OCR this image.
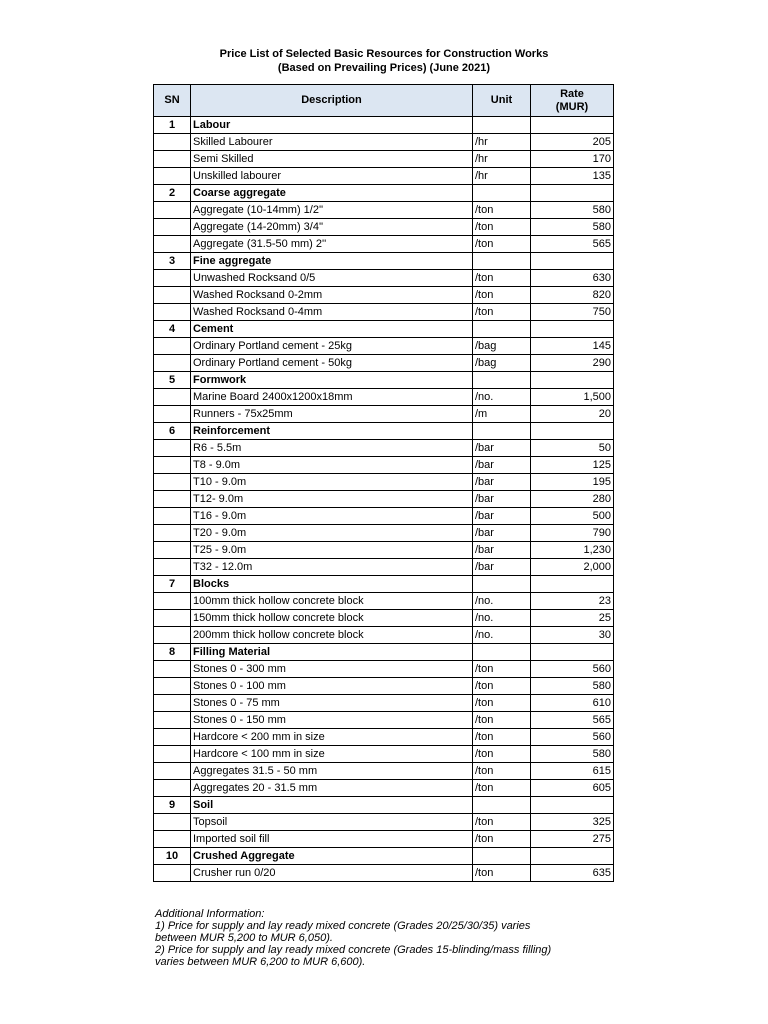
Price List of Selected Basic Resources for Construction Works
(Based on Prevailing Prices) (June 2021)
SN	Description	Unit	Rate
(MUR)
1	Labour		
	Skilled Labourer	/hr	205
	Semi Skilled	/hr	170
	Unskilled labourer	/hr	135
2	Coarse aggregate		
	Aggregate (10-14mm) 1/2''	/ton	580
	Aggregate (14-20mm) 3/4''	/ton	580
	Aggregate (31.5-50 mm) 2''	/ton	565
3	Fine aggregate		
	Unwashed Rocksand 0/5	/ton	630
	Washed Rocksand 0-2mm	/ton	820
	Washed Rocksand 0-4mm	/ton	750
4	Cement		
	Ordinary Portland cement - 25kg	/bag	145
	Ordinary Portland cement - 50kg	/bag	290
5	Formwork		
	Marine Board 2400x1200x18mm	/no.	1,500
	Runners - 75x25mm	/m	20
6	Reinforcement		
	R6 - 5.5m	/bar	50
	T8 - 9.0m	/bar	125
	T10 - 9.0m	/bar	195
	T12- 9.0m	/bar	280
	T16 - 9.0m	/bar	500
	T20 - 9.0m	/bar	790
	T25 - 9.0m	/bar	1,230
	T32 - 12.0m	/bar	2,000
7	Blocks		
	100mm thick hollow concrete block	/no.	23
	150mm thick hollow concrete block	/no.	25
	200mm thick hollow concrete block	/no.	30
8	Filling Material		
	Stones 0 - 300 mm	/ton	560
	Stones 0 - 100 mm	/ton	580
	Stones 0 - 75 mm	/ton	610
	Stones 0 - 150 mm	/ton	565
	Hardcore < 200 mm in size	/ton	560
	Hardcore < 100 mm in size	/ton	580
	Aggregates 31.5 - 50 mm	/ton	615
	Aggregates 20 - 31.5 mm	/ton	605
9	Soil		
	Topsoil	/ton	325
	Imported soil fill	/ton	275
10	Crushed Aggregate		
	Crusher run 0/20	/ton	635
Additional Information:
1) Price for supply and lay ready mixed concrete (Grades 20/25/30/35) varies
between MUR 5,200 to MUR 6,050).
2) Price for supply and lay ready mixed concrete (Grades 15-blinding/mass filling)
varies between MUR 6,200 to MUR 6,600).
